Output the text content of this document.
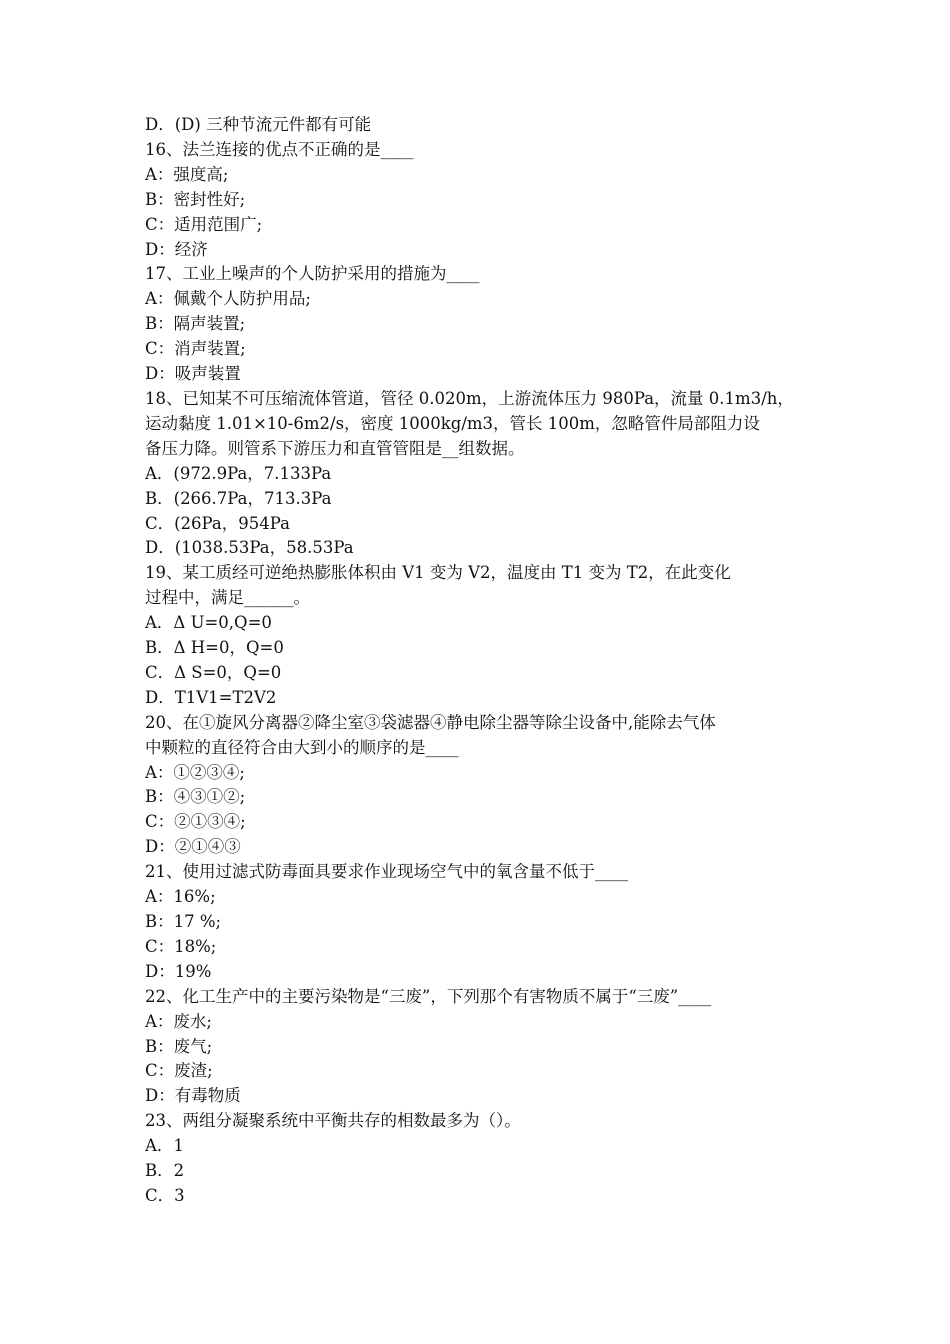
D．(D) 三种节流元件都有可能
16、法兰连接的优点不正确的是____
A：强度高;
B：密封性好;
C：适用范围广;
D：经济
17、工业上噪声的个人防护采用的措施为____
A：佩戴个人防护用品;
B：隔声装置;
C：消声装置;
D：吸声装置
18、已知某不可压缩流体管道，管径 0.020m，上游流体压力 980Pa，流量 0.1m3/h，
运动黏度 1.01×10-6m2/s，密度 1000kg/m3，管长 100m，忽略管件局部阻力设
备压力降。则管系下游压力和直管管阻是__组数据。
A．(972.9Pa，7.133Pa
B．(266.7Pa，713.3Pa
C．(26Pa，954Pa
D．(1038.53Pa，58.53Pa
19、某工质经可逆绝热膨胀体积由 V1 变为 V2，温度由 T1 变为 T2，在此变化
过程中，满足______。
A．Δ U=0,Q=0
B．Δ H=0，Q=0
C．Δ S=0，Q=0
D．T1V1=T2V2
20、在①旋风分离器②降尘室③袋滤器④静电除尘器等除尘设备中,能除去气体
中颗粒的直径符合由大到小的顺序的是____
A：①②③④;
B：④③①②;
C：②①③④;
D：②①④③
21、使用过滤式防毒面具要求作业现场空气中的氧含量不低于____
A：16%;
B：17 %;
C：18%;
D：19%
22、化工生产中的主要污染物是“三废”，下列那个有害物质不属于“三废”____
A：废水;
B：废气;
C：废渣;
D：有毒物质
23、两组分凝聚系统中平衡共存的相数最多为（）。
A．1
B．2
C．3
